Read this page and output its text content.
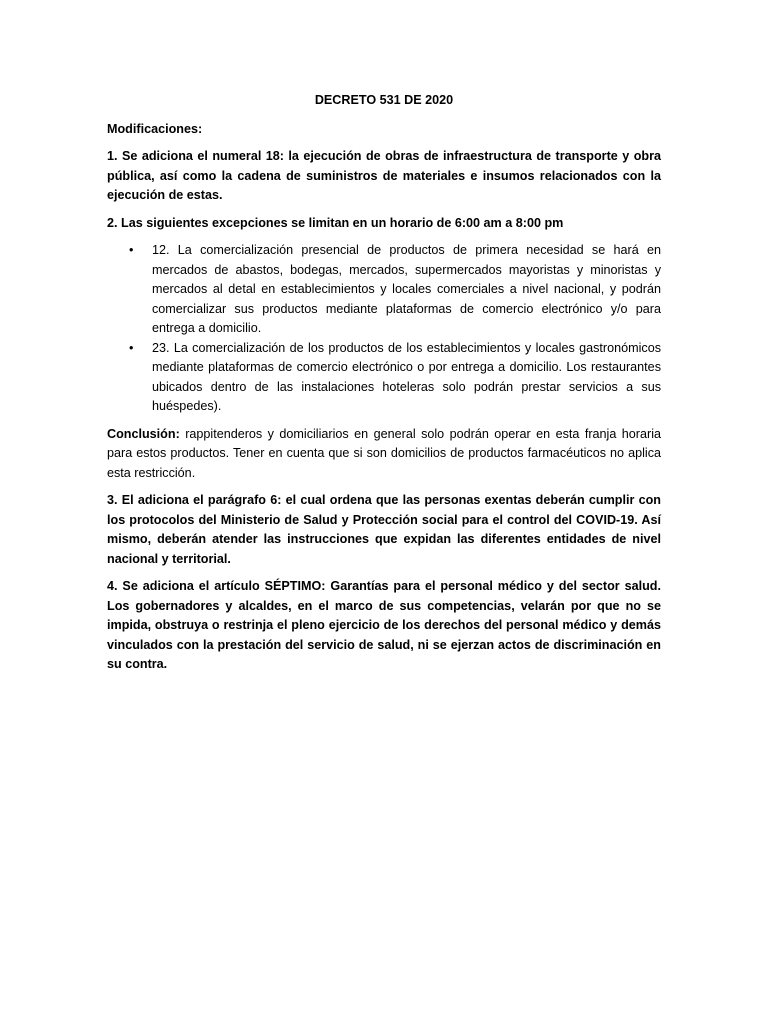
DECRETO 531 DE 2020
Modificaciones:

1. Se adiciona el numeral 18: la ejecución de obras de infraestructura de transporte y obra pública, así como la cadena de suministros de materiales e insumos relacionados con la ejecución de estas.

2. Las siguientes excepciones se limitan en un horario de 6:00 am a 8:00 pm

• 12. La comercialización presencial de productos de primera necesidad se hará en mercados de abastos, bodegas, mercados, supermercados mayoristas y minoristas y mercados al detal en establecimientos y locales comerciales a nivel nacional, y podrán comercializar sus productos mediante plataformas de comercio electrónico y/o para entrega a domicilio.
• 23. La comercialización de los productos de los establecimientos y locales gastronómicos mediante plataformas de comercio electrónico o por entrega a domicilio. Los restaurantes ubicados dentro de las instalaciones hoteleras solo podrán prestar servicios a sus huéspedes).

Conclusión: rappitenderos y domiciliarios en general solo podrán operar en esta franja horaria para estos productos. Tener en cuenta que si son domicilios de productos farmacéuticos no aplica esta restricción.

3. El adiciona el parágrafo 6: el cual ordena que las personas exentas deberán cumplir con los protocolos del Ministerio de Salud y Protección social para el control del COVID-19. Así mismo, deberán atender las instrucciones que expidan las diferentes entidades de nivel nacional y territorial.

4. Se adiciona el artículo SÉPTIMO: Garantías para el personal médico y del sector salud. Los gobernadores y alcaldes, en el marco de sus competencias, velarán por que no se impida, obstruya o restrinja el pleno ejercicio de los derechos del personal médico y demás vinculados con la prestación del servicio de salud, ni se ejerzan actos de discriminación en su contra.
